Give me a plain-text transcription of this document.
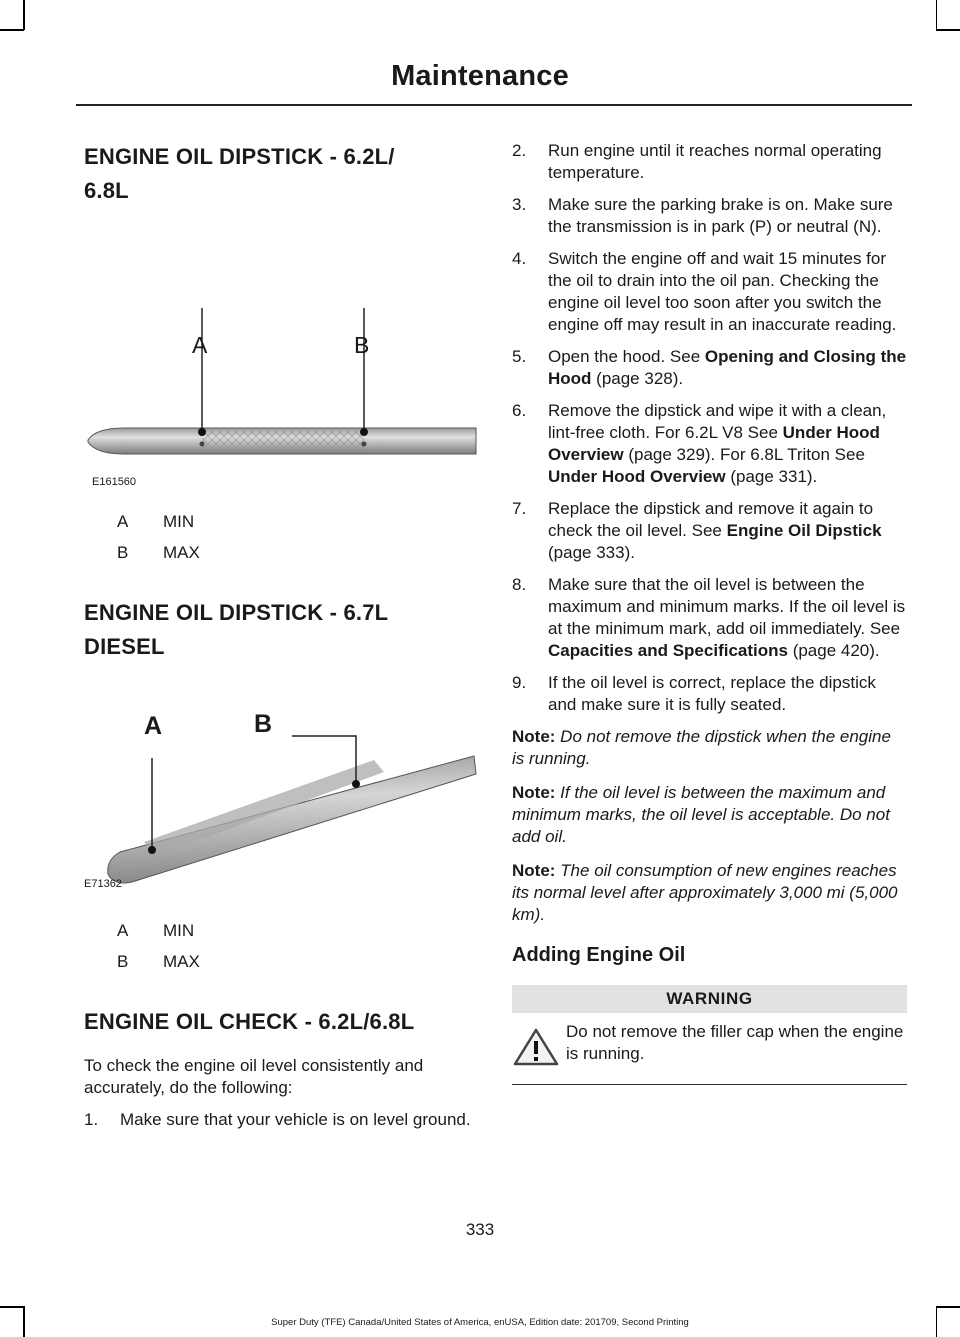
Maintenance
ENGINE OIL DIPSTICK - 6.2L/
6.8L
A	B
E161560
A	MIN
B	MAX
ENGINE OIL DIPSTICK - 6.7L
DIESEL
A	B
E71362
A	MIN
B	MAX
ENGINE OIL CHECK - 6.2L/6.8L

To check the engine oil level consistently and accurately, do the following:

1.	Make sure that your vehicle is on level ground.
2.	Run engine until it reaches normal operating temperature.
3.	Make sure the parking brake is on. Make sure the transmission is in park (P) or neutral (N).
4.	Switch the engine off and wait 15 minutes for the oil to drain into the oil pan. Checking the engine oil level too soon after you switch the engine off may result in an inaccurate reading.
5.	Open the hood. See Opening and Closing the Hood (page 328).
6.	Remove the dipstick and wipe it with a clean, lint-free cloth. For 6.2L V8 See Under Hood Overview (page 329). For 6.8L Triton See Under Hood Overview (page 331).
7.	Replace the dipstick and remove it again to check the oil level. See Engine Oil Dipstick (page 333).
8.	Make sure that the oil level is between the maximum and minimum marks. If the oil level is at the minimum mark, add oil immediately. See Capacities and Specifications (page 420).
9.	If the oil level is correct, replace the dipstick and make sure it is fully seated.

Note: Do not remove the dipstick when the engine is running.

Note: If the oil level is between the maximum and minimum marks, the oil level is acceptable. Do not add oil.

Note: The oil consumption of new engines reaches its normal level after approximately 3,000 mi (5,000 km).

Adding Engine Oil
WARNING
Do not remove the filler cap when the engine is running.
333
Super Duty (TFE) Canada/United States of America, enUSA, Edition date: 201709, Second Printing
